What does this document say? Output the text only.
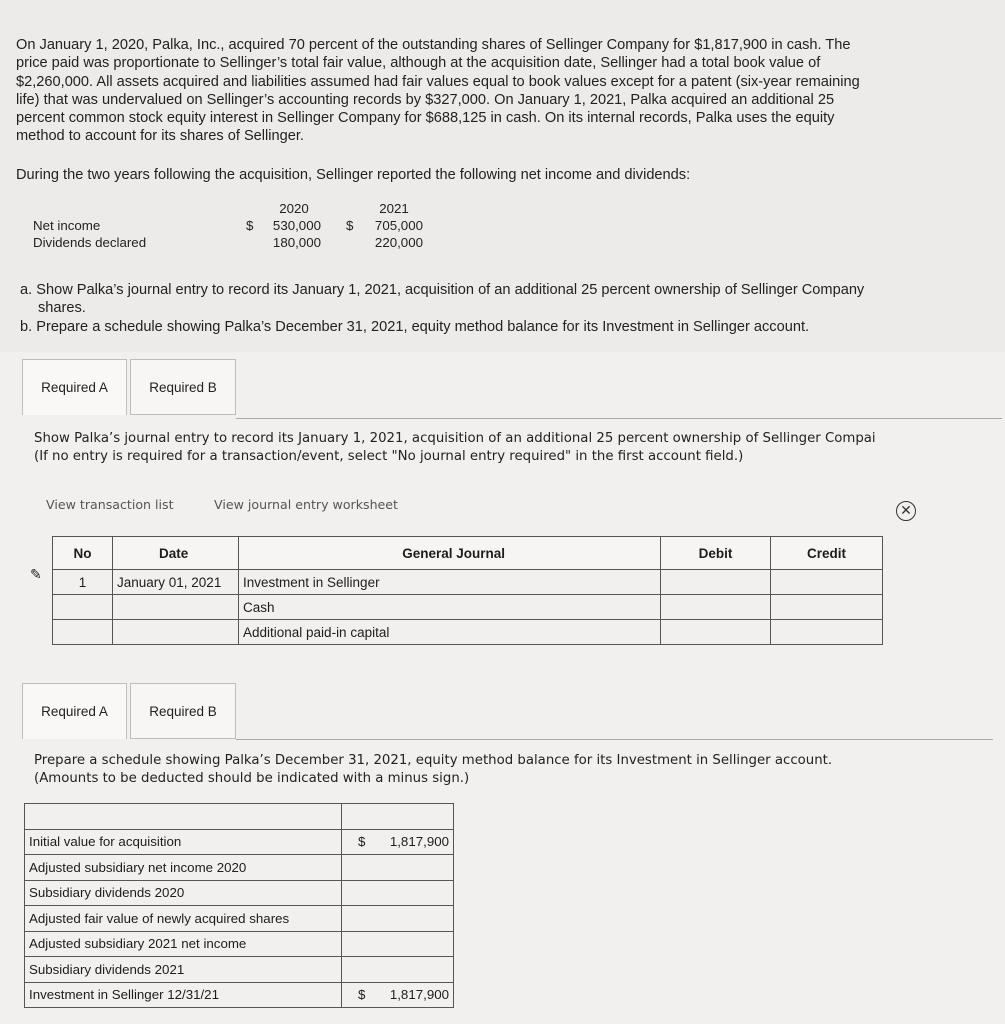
On January 1, 2020, Palka, Inc., acquired 70 percent of the outstanding shares of Sellinger Company for $1,817,900 in cash. The

price paid was proportionate to Sellinger’s total fair value, although at the acquisition date, Sellinger had a total book value of

$2,260,000. All assets acquired and liabilities assumed had fair values equal to book values except for a patent (six-year remaining

life) that was undervalued on Sellinger’s accounting records by $327,000. On January 1, 2021, Palka acquired an additional 25

percent common stock equity interest in Sellinger Company for $688,125 in cash. On its internal records, Palka uses the equity

method to account for its shares of Sellinger.

During the two years following the acquisition, Sellinger reported the following net income and dividends:
2020	2021
Net income	$	530,000 $	705,000
Dividends declared	180,000	220,000
a. Show Palka’s journal entry to record its January 1, 2021, acquisition of an additional 25 percent ownership of Sellinger Company
shares.
b. Prepare a schedule showing Palka’s December 31, 2021, equity method balance for its Investment in Sellinger account.
Required A	Required B
Show Palka’s journal entry to record its January 1, 2021, acquisition of an additional 25 percent ownership of Sellinger Compai
(If no entry is required for a transaction/event, select "No journal entry required" in the first account field.)
View transaction list	View journal entry worksheet	✕
✎
No	Date	General Journal	Debit	Credit
1	January 01, 2021	Investment in Sellinger		
		Cash		
		Additional paid-in capital		
Required A	Required B
Prepare a schedule showing Palka’s December 31, 2021, equity method balance for its Investment in Sellinger account.
(Amounts to be deducted should be indicated with a minus sign.)

Initial value for acquisition	$ 1,817,900

Adjusted subsidiary net income 2020	

Subsidiary dividends 2020	

Adjusted fair value of newly acquired shares	

Adjusted subsidiary 2021 net income	

Subsidiary dividends 2021	

Investment in Sellinger 12/31/21	$ 1,817,900
